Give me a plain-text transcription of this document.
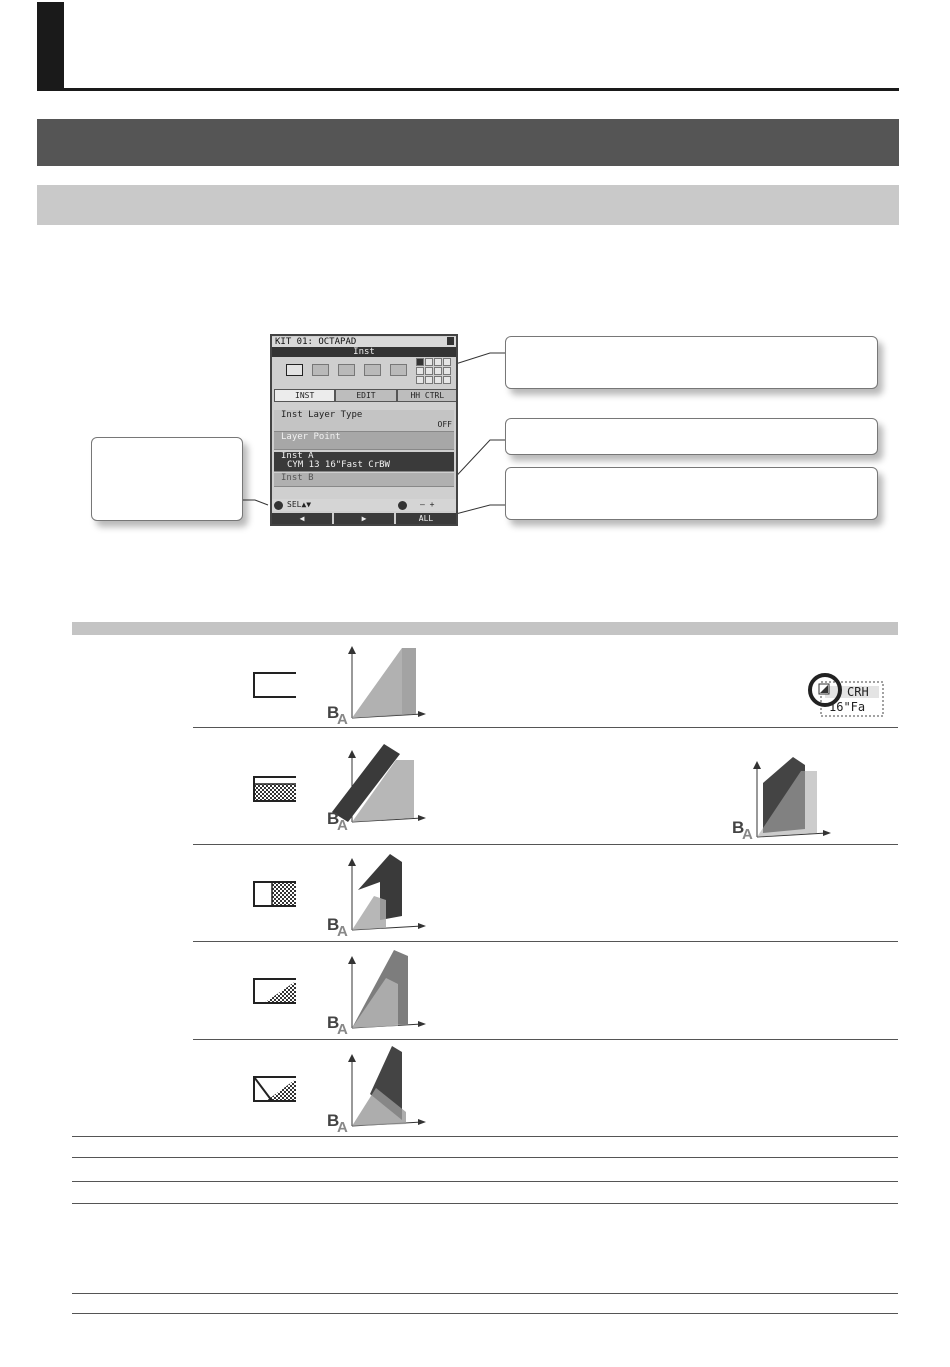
KIT 01: OCTAPAD
Inst
INST	EDIT	HH CTRL
Inst Layer Type
OFF
Layer Point
Inst A
CYM 13 16"Fast CrBW
Inst B
SEL▲▼	– +
◀	▶	ALL
B
A
B
A
B
A
B
A
B
A
B
A
CRH
16"Fa
